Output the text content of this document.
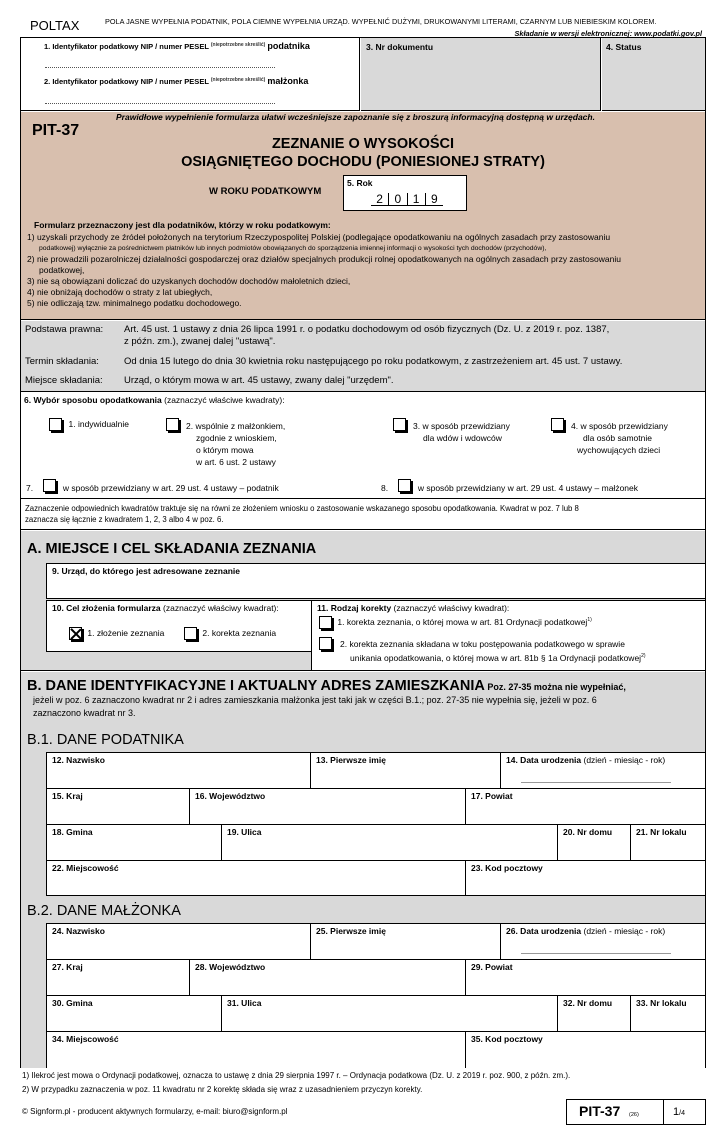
POLTAX	POLA JASNE WYPEŁNIA PODATNIK, POLA CIEMNE WYPEŁNIA URZĄD. WYPEŁNIĆ DUŻYMI, DRUKOWANYMI LITERAMI, CZARNYM LUB NIEBIESKIM KOLOREM.
Składanie w wersji elektronicznej: www.podatki.gov.pl
1. Identyfikator podatkowy NIP / numer PESEL $^{(niepotrzebne skreślić)}$ podatnika
2. Identyfikator podatkowy NIP / numer PESEL $^{(niepotrzebne skreślić)}$ małżonka
3. Nr dokumentu	4. Status
Prawidłowe wypełnienie formularza ułatwi wcześniejsze zapoznanie się z broszurą informacyjną dostępną w urzędach.
PIT-37
ZEZNANIE O WYSOKOŚCI
OSIĄGNIĘTEGO DOCHODU (PONIESIONEJ STRATY)
W ROKU PODATKOWYM
5. Rok
2 0 1 9
Formularz przeznaczony jest dla podatników, którzy w roku podatkowym:
1) uzyskali przychody ze źródeł położonych na terytorium Rzeczypospolitej Polskiej (podlegające opodatkowaniu na ogólnych zasadach przy zastosowaniu
podatkowej) wyłącznie za pośrednictwem płatników lub innych podmiotów obowiązanych do sporządzenia imiennej informacji o wysokości tych dochodów (przychodów),
2) nie prowadzili pozarolniczej działalności gospodarczej oraz działów specjalnych produkcji rolnej opodatkowanych na ogólnych zasadach przy zastosowaniu
podatkowej,
3) nie są obowiązani doliczać do uzyskanych dochodów dochodów małoletnich dzieci,
4) nie obniżają dochodów o straty z lat ubiegłych,
5) nie odliczają tzw. minimalnego podatku dochodowego.
Podstawa prawna: Art. 45 ust. 1 ustawy z dnia 26 lipca 1991 r. o podatku dochodowym od osób fizycznych (Dz. U. z 2019 r. poz. 1387,
z późn. zm.), zwanej dalej "ustawą".
Termin składania:	Od dnia 15 lutego do dnia 30 kwietnia roku następującego po roku podatkowym, z zastrzeżeniem art. 45 ust. 7 ustawy.
Miejsce składania: Urząd, o którym mowa w art. 45 ustawy, zwany dalej "urzędem".
6. Wybór sposobu opodatkowania (zaznaczyć właściwe kwadraty):
1. indywidualnie	2. wspólnie z małżonkiem,
zgodnie z wnioskiem,
o którym mowa
w art. 6 ust. 2 ustawy
3. w sposób przewidziany
dla wdów i wdowców
4. w sposób przewidziany
dla osób samotnie
wychowujących dzieci
7.	w sposób przewidziany w art. 29 ust. 4 ustawy – podatnik	8.	w sposób przewidziany w art. 29 ust. 4 ustawy – małżonek
Zaznaczenie odpowiednich kwadratów traktuje się na równi ze złożeniem wniosku o zastosowanie wskazanego sposobu opodatkowania. Kwadrat w poz. 7 lub 8
zaznacza się łącznie z kwadratem 1, 2, 3 albo 4 w poz. 6.
A. MIEJSCE I CEL SKŁADANIA ZEZNANIA
9. Urząd, do którego jest adresowane zeznanie
10. Cel złożenia formularza (zaznaczyć właściwy kwadrat):
1. złożenie zeznania	2. korekta zeznania
11. Rodzaj korekty (zaznaczyć właściwy kwadrat):
1. korekta zeznania, o której mowa w art. 81 Ordynacji podatkowej$^{1)}$
2. korekta zeznania składana w toku postępowania podatkowego w sprawie
unikania opodatkowania, o której mowa w art. 81b § 1a Ordynacji podatkowej$^{2)}$
B. DANE IDENTYFIKACYJNE I AKTUALNY ADRES ZAMIESZKANIA Poz. 27-35 można nie wypełniać,
jeżeli w poz. 6 zaznaczono kwadrat nr 2 i adres zamieszkania małżonka jest taki jak w części B.1.; poz. 27-35 nie wypełnia się, jeżeli w poz. 6
zaznaczono kwadrat nr 3.
B.1. DANE PODATNIKA
12. Nazwisko	13. Pierwsze imię	14. Data urodzenia (dzień - miesiąc - rok)
15. Kraj	16. Województwo	17. Powiat
18. Gmina	19. Ulica	20. Nr domu	21. Nr lokalu
22. Miejscowość	23. Kod pocztowy
B.2. DANE MAŁŻONKA
24. Nazwisko	25. Pierwsze imię	26. Data urodzenia (dzień - miesiąc - rok)
27. Kraj	28. Województwo	29. Powiat
30. Gmina	31. Ulica	32. Nr domu	33. Nr lokalu
34. Miejscowość	35. Kod pocztowy
1) Ilekroć jest mowa o Ordynacji podatkowej, oznacza to ustawę z dnia 29 sierpnia 1997 r. – Ordynacja podatkowa (Dz. U. z 2019 r. poz. 900, z późn. zm.).
2) W przypadku zaznaczenia w poz. 11 kwadratu nr 2 korektę składa się wraz z uzasadnieniem przyczyn korekty.
© Signform.pl - producent aktywnych formularzy, e-mail: biuro@signform.pl	PIT-37 (26)	1/4
